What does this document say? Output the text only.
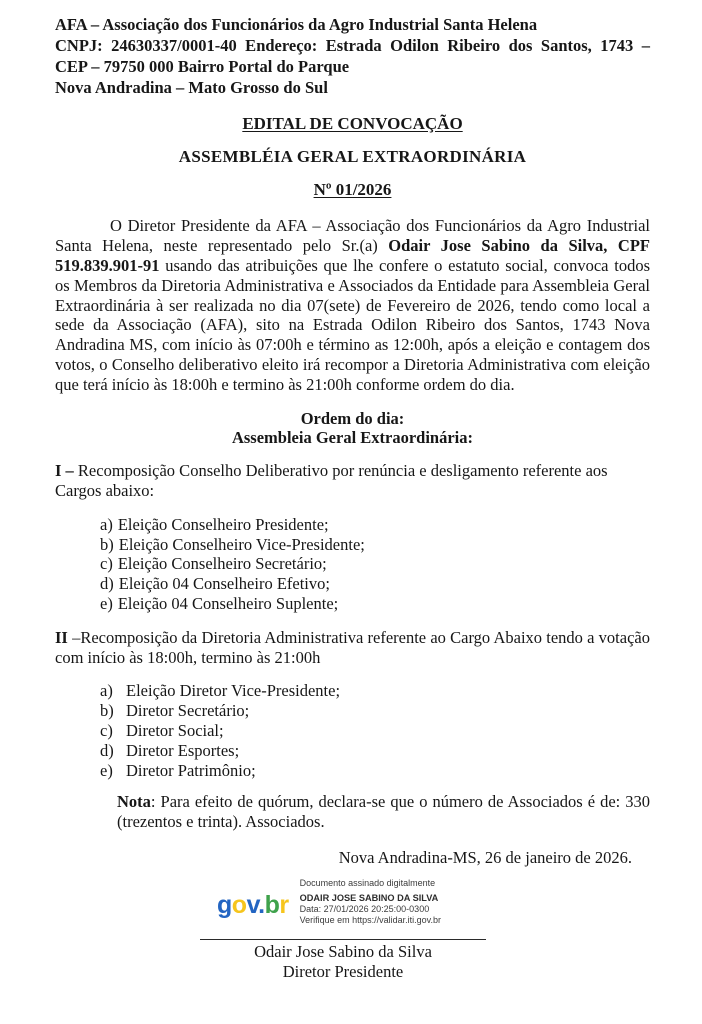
AFA – Associação dos Funcionários da Agro Industrial Santa Helena
CNPJ: 24630337/0001-40 Endereço: Estrada Odilon Ribeiro dos Santos, 1743 –
CEP – 79750 000 Bairro Portal do Parque
Nova Andradina – Mato Grosso do Sul
EDITAL DE CONVOCAÇÃO
ASSEMBLÉIA GERAL EXTRAORDINÁRIA
Nº 01/2026
O Diretor Presidente da AFA – Associação dos Funcionários da Agro Industrial Santa Helena, neste representado pelo Sr.(a) Odair Jose Sabino da Silva, CPF 519.839.901-91 usando das atribuições que lhe confere o estatuto social, convoca todos os Membros da Diretoria Administrativa e Associados da Entidade para Assembleia Geral Extraordinária à ser realizada no dia 07(sete) de Fevereiro de 2026, tendo como local a sede da Associação (AFA), sito na Estrada Odilon Ribeiro dos Santos, 1743 Nova Andradina MS, com início às 07:00h e término as 12:00h, após a eleição e contagem dos votos, o Conselho deliberativo eleito irá recompor a Diretoria Administrativa com eleição que terá início às 18:00h e termino às 21:00h conforme ordem do dia.
Ordem do dia:
Assembleia Geral Extraordinária:
I – Recomposição Conselho Deliberativo por renúncia e desligamento referente aos Cargos abaixo:
a) Eleição Conselheiro Presidente;
b) Eleição Conselheiro Vice-Presidente;
c) Eleição Conselheiro Secretário;
d) Eleição 04 Conselheiro Efetivo;
e) Eleição 04 Conselheiro Suplente;
II –Recomposição da Diretoria Administrativa referente ao Cargo Abaixo tendo a votação com início às 18:00h, termino às 21:00h
a) Eleição Diretor Vice-Presidente;
b) Diretor Secretário;
c) Diretor Social;
d) Diretor Esportes;
e) Diretor Patrimônio;
Nota: Para efeito de quórum, declara-se que o número de Associados é de: 330 (trezentos e trinta). Associados.
Nova Andradina-MS, 26 de janeiro de 2026.
gov.br
Documento assinado digitalmente
ODAIR JOSE SABINO DA SILVA
Data: 27/01/2026 20:25:00-0300
Verifique em https://validar.iti.gov.br
Odair Jose Sabino da Silva
Diretor Presidente
